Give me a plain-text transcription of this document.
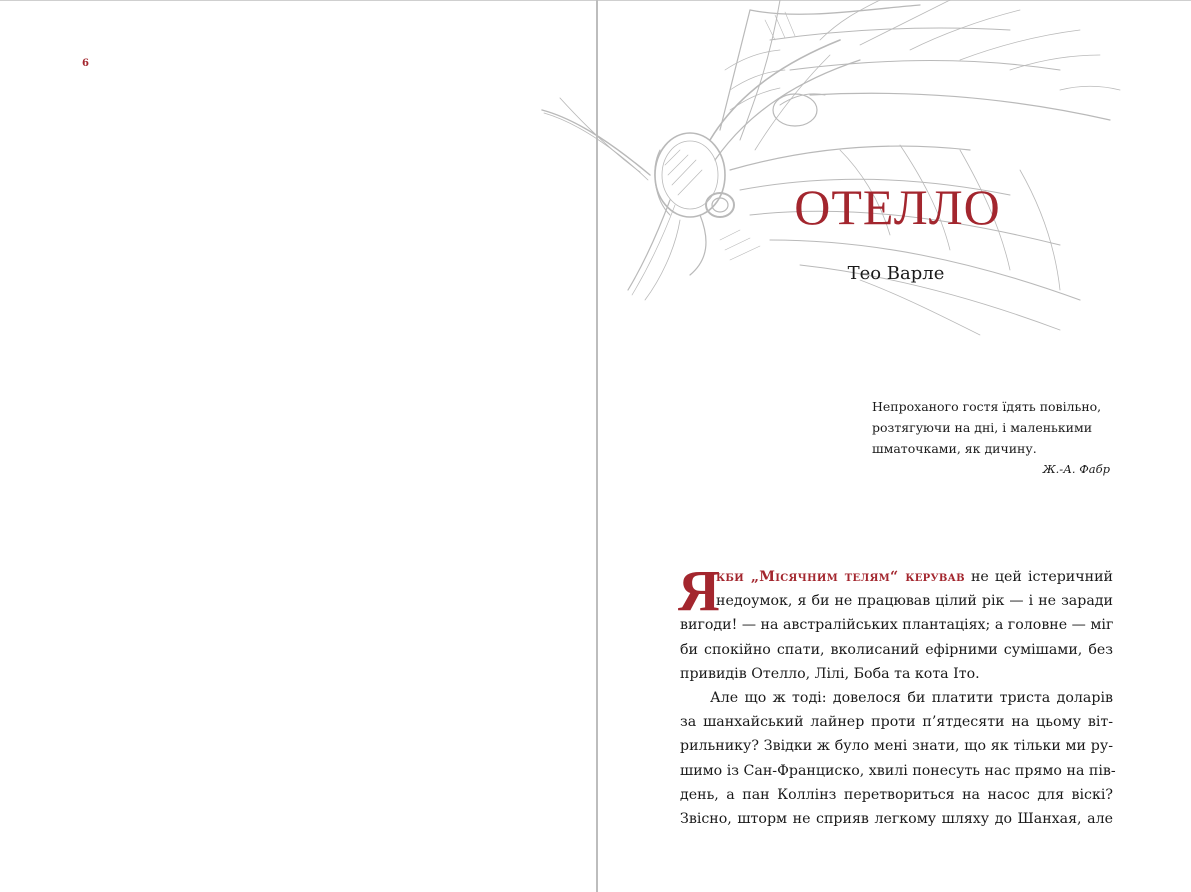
6
ОТЕЛЛО
Тео Варле
Непроханого гостя їдять повільно,
розтягуючи на дні, і маленькими
шматочками, як дичину.
Ж.-А. Фабр
Я
кби „Місячним телям“ керував не цей істеричний
недоумок, я би не працював цілий рік — і не заради
вигоди! — на австралійських плантаціях; а головне — міг
би спокійно спати, вколисаний ефірними сумішами, без
привидів Отелло, Лілі, Боба та кота Іто.
Але що ж тоді: довелося би платити триста доларів
за шанхайський лайнер проти п’ятдесяти на цьому віт-
рильнику? Звідки ж було мені знати, що як тільки ми ру-
шимо із Сан-Франциско, хвилі понесуть нас прямо на пів-
день, а пан Коллінз перетвориться на насос для віскі?
Звісно, шторм не сприяв легкому шляху до Шанхая, але
